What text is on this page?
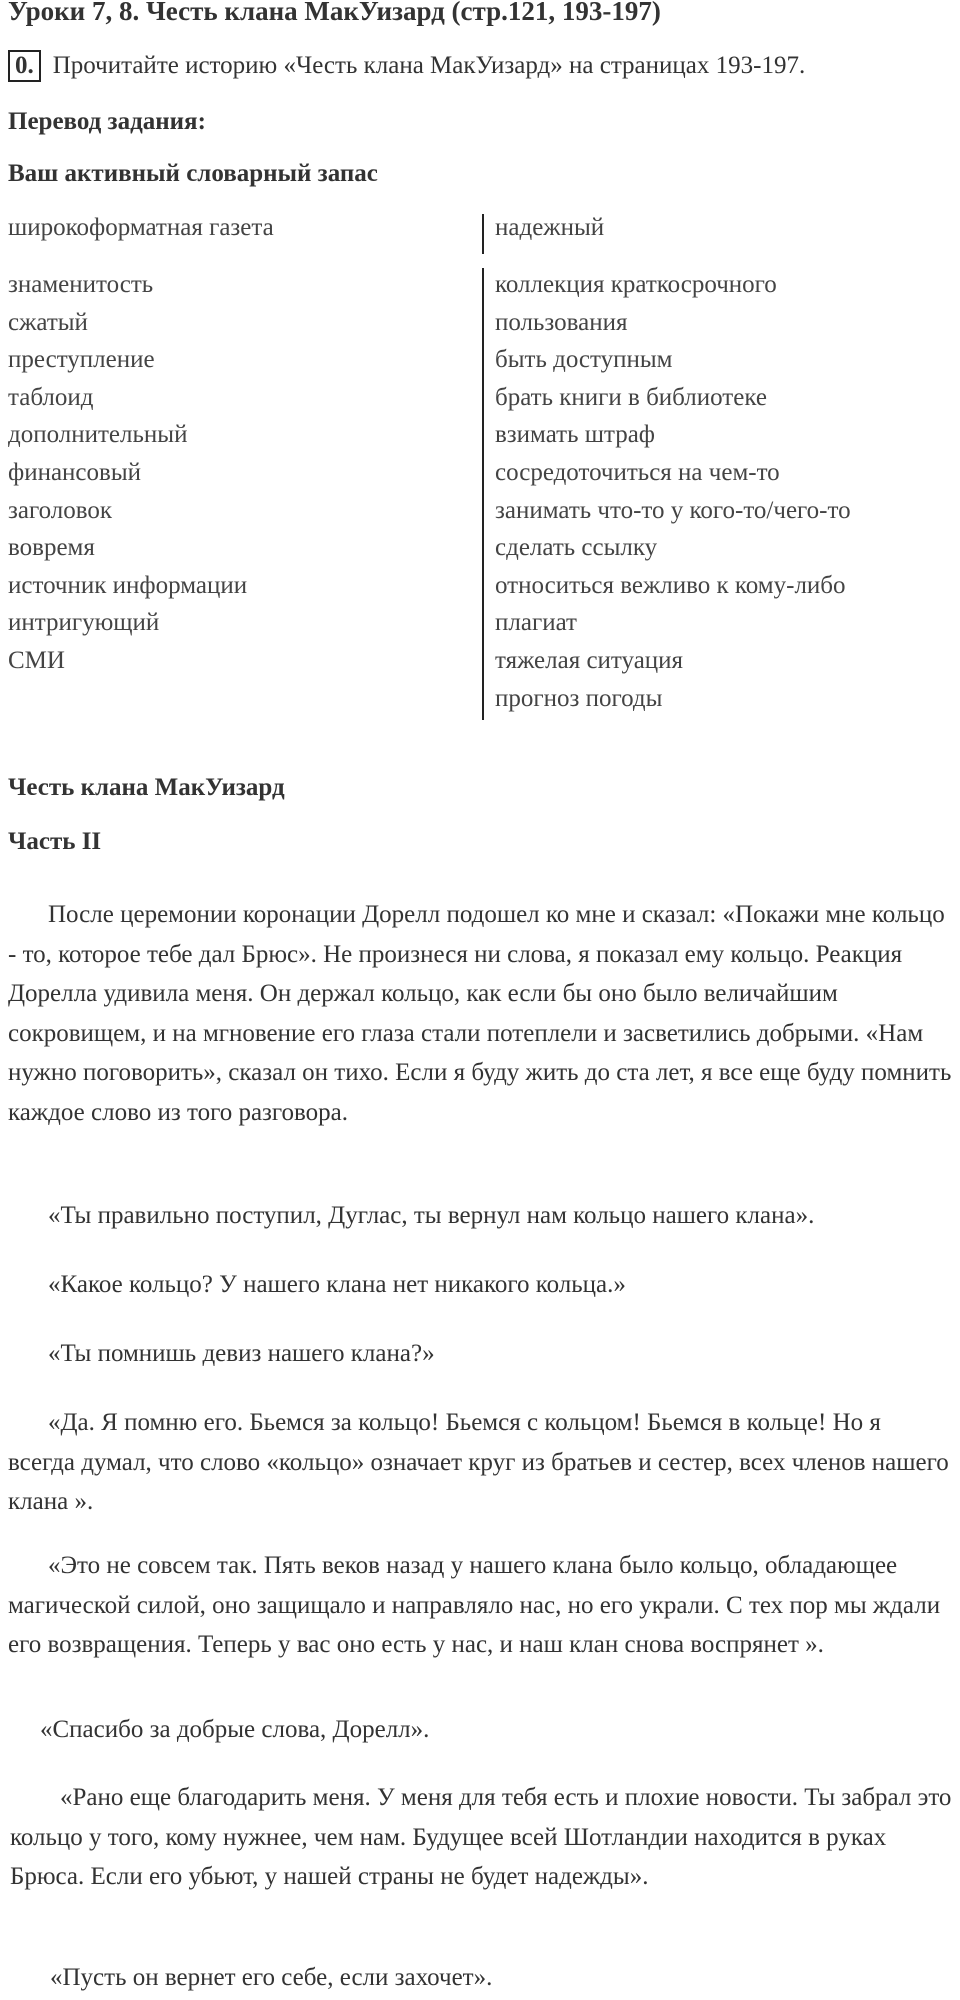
Уроки 7, 8. Честь клана МакУизард (стр.121, 193-197)
0. Прочитайте историю «Честь клана МакУизард» на страницах 193-197.
Перевод задания:
Ваш активный словарный запас
широкоформатная газета	надежный
знаменитость
сжатый
преступление
таблоид
дополнительный
финансовый
заголовок
вовремя
источник информации
интригующий
СМИ
коллекция краткосрочного
пользования
быть доступным
брать книги в библиотеке
взимать штраф
сосредоточиться на чем-то
занимать что-то у кого-то/чего-то
сделать ссылку
относиться вежливо к кому-либо
плагиат
тяжелая ситуация
прогноз погоды
Честь клана МакУизард
Часть II

После церемонии коронации Дорелл подошел ко мне и сказал: «Покажи мне кольцо - то, которое тебе дал Брюс». Не произнеся ни слова, я показал ему кольцо. Реакция Дорелла удивила меня. Он держал кольцо, как если бы оно было величайшим сокровищем, и на мгновение его глаза стали потеплели и засветились добрыми. «Нам нужно поговорить», сказал он тихо. Если я буду жить до ста лет, я все еще буду помнить каждое слово из того разговора.

«Ты правильно поступил, Дуглас, ты вернул нам кольцо нашего клана».

«Какое кольцо? У нашего клана нет никакого кольца.»

«Ты помнишь девиз нашего клана?»

«Да. Я помню его. Бьемся за кольцо! Бьемся с кольцом! Бьемся в кольце! Но я всегда думал, что слово «кольцо» означает круг из братьев и сестер, всех членов нашего клана ».

«Это не совсем так. Пять веков назад у нашего клана было кольцо, обладающее магической силой, оно защищало и направляло нас, но его украли. С тех пор мы ждали его возвращения. Теперь у вас оно есть у нас, и наш клан снова воспрянет ».

«Спасибо за добрые слова, Дорелл».

«Рано еще благодарить меня. У меня для тебя есть и плохие новости. Ты забрал это кольцо у того, кому нужнее, чем нам. Будущее всей Шотландии находится в руках Брюса. Если его убьют, у нашей страны не будет надежды».

«Пусть он вернет его себе, если захочет».
